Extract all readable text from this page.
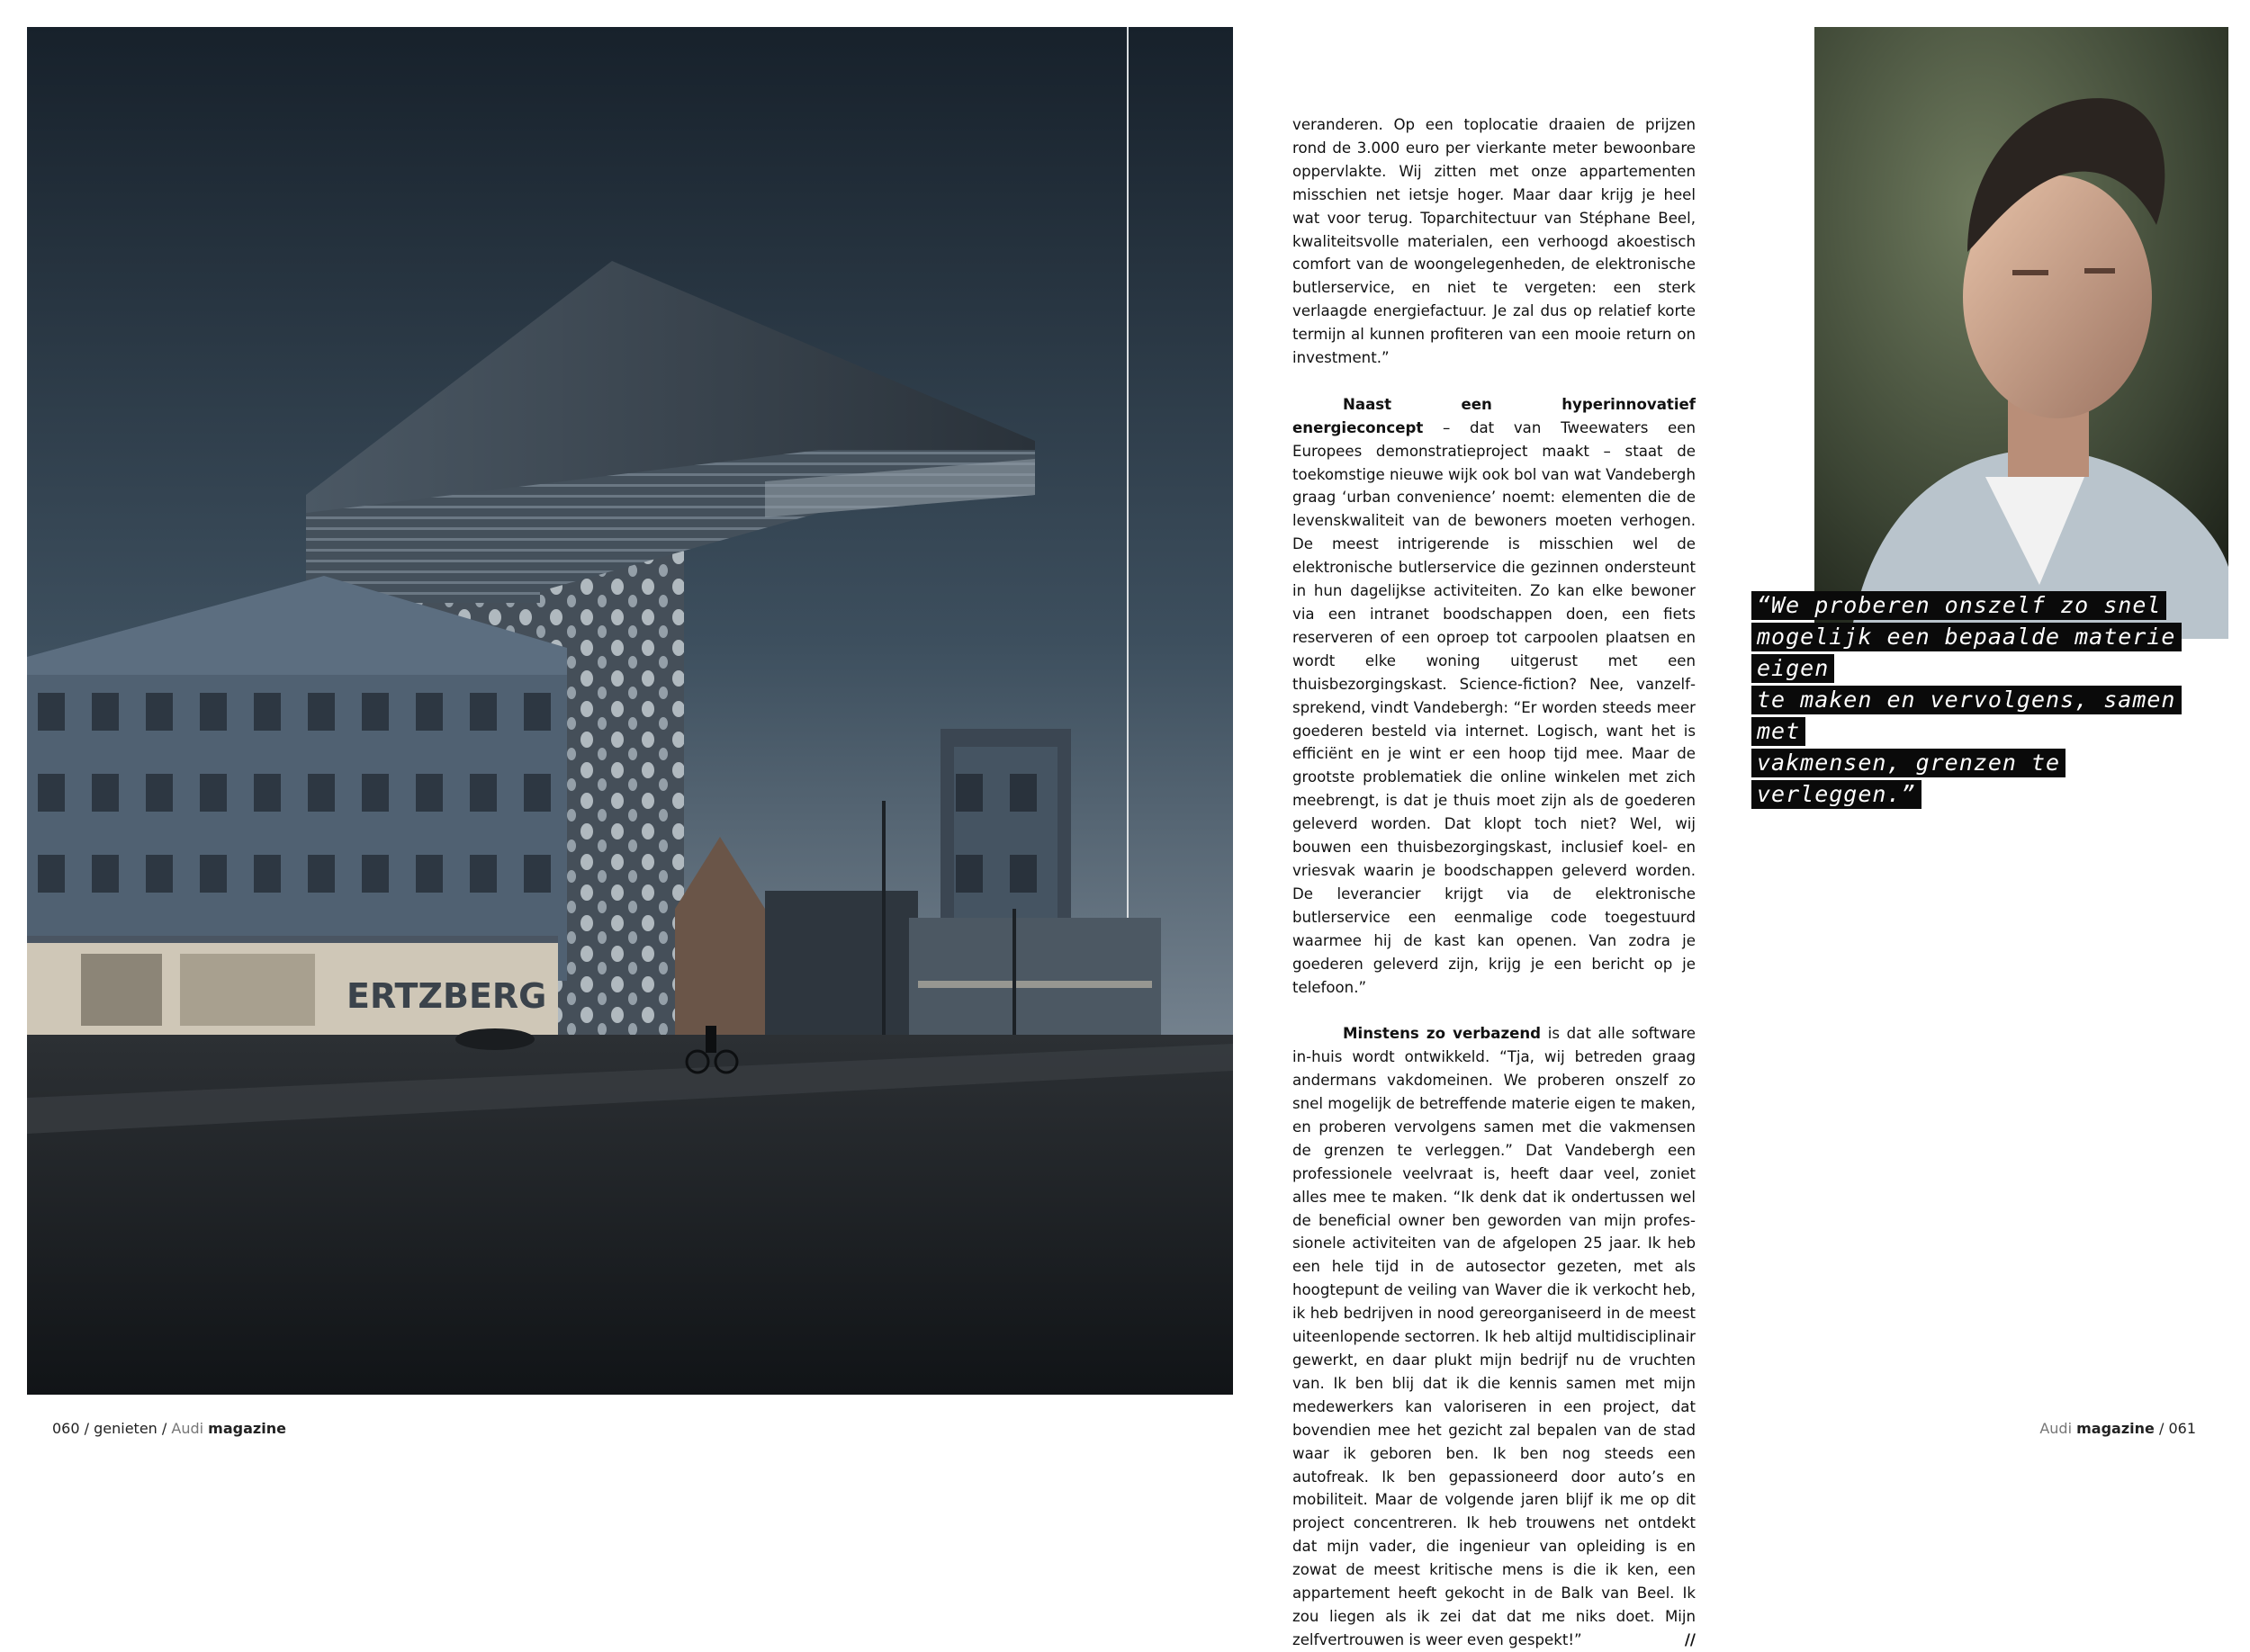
ERTZBERG
060 / genieten / Audi magazine

veranderen. Op een toplocatie draaien de prijzen rond de 3.000 euro per vierkante meter bewoonbare oppervlakte. Wij zitten met onze appartementen misschien net ietsje hoger. Maar daar krijg je heel wat voor terug. Toparchitectuur van Stéphane Beel, kwaliteitsvolle materialen, een verhoogd akoestisch comfort van de woongelegenheden, de elektronische butlerservice, en niet te vergeten: een sterk verlaagde energiefactuur. Je zal dus op relatief korte termijn al kunnen profiteren van een mooie return on investment.”

Naast een hyperinnovatief energieconcept – dat van Tweewaters een Europees demonstratieproject maakt – staat de toekomstige nieuwe wijk ook bol van wat Vandebergh graag ‘urban convenience’ noemt: elementen die de levenskwaliteit van de bewoners moeten verhogen. De meest intrigerende is misschien wel de elektronische butlerservice die gezinnen ondersteunt in hun dagelijkse activiteiten. Zo kan elke bewoner via een intranet boodschappen doen, een fiets reserveren of een oproep tot carpoolen plaatsen en wordt elke woning uitgerust met een thuisbezorgingskast. Science-fiction? Nee, vanzelfsprekend, vindt Vandebergh: “Er worden steeds meer goederen besteld via internet. Logisch, want het is efficiënt en je wint er een hoop tijd mee. Maar de grootste problematiek die online winkelen met zich meebrengt, is dat je thuis moet zijn als de goederen geleverd worden. Dat klopt toch niet? Wel, wij bouwen een thuisbezorgingskast, inclusief koel- en vriesvak waarin je boodschappen geleverd worden. De leverancier krijgt via de elektronische butlerservice een eenmalige code toegestuurd waarmee hij de kast kan openen. Van zodra je goederen geleverd zijn, krijg je een bericht op je telefoon.”

Minstens zo verbazend is dat alle software in-huis wordt ontwikkeld. “Tja, wij betreden graag andermans vakdomeinen. We proberen onszelf zo snel mogelijk de betreffende materie eigen te maken, en proberen vervolgens samen met die vakmensen de grenzen te verleggen.” Dat Vandebergh een professionele veelvraat is, heeft daar veel, zoniet alles mee te maken. “Ik denk dat ik ondertussen wel de beneficial owner ben geworden van mijn professionele activiteiten van de afgelopen 25 jaar. Ik heb een hele tijd in de autosector gezeten, met als hoogtepunt de veiling van Waver die ik verkocht heb, ik heb bedrijven in nood gereorganiseerd in de meest uiteenlopende sectorren. Ik heb altijd multidisciplinair gewerkt, en daar plukt mijn bedrijf nu de vruchten van. Ik ben blij dat ik die kennis samen met mijn medewerkers kan valoriseren in een project, dat bovendien mee het gezicht zal bepalen van de stad waar ik geboren ben. Ik ben nog steeds een autofreak. Ik ben gepassioneerd door auto’s en mobiliteit. Maar de volgende jaren blijf ik me op dit project concentreren. Ik heb trouwens net ontdekt dat mijn vader, die ingenieur van opleiding is en zowat de meest kritische mens is die ik ken, een appartement heeft gekocht in de Balk van Beel. Ik zou liegen als ik zei dat dat me niks doet. Mijn zelfvertrouwen is weer even gespekt!”	//

“We proberen onszelf zo snel
mogelijk een bepaalde materie eigen
te maken en vervolgens, samen met
vakmensen, grenzen te verleggen.”
Audi magazine / 061
